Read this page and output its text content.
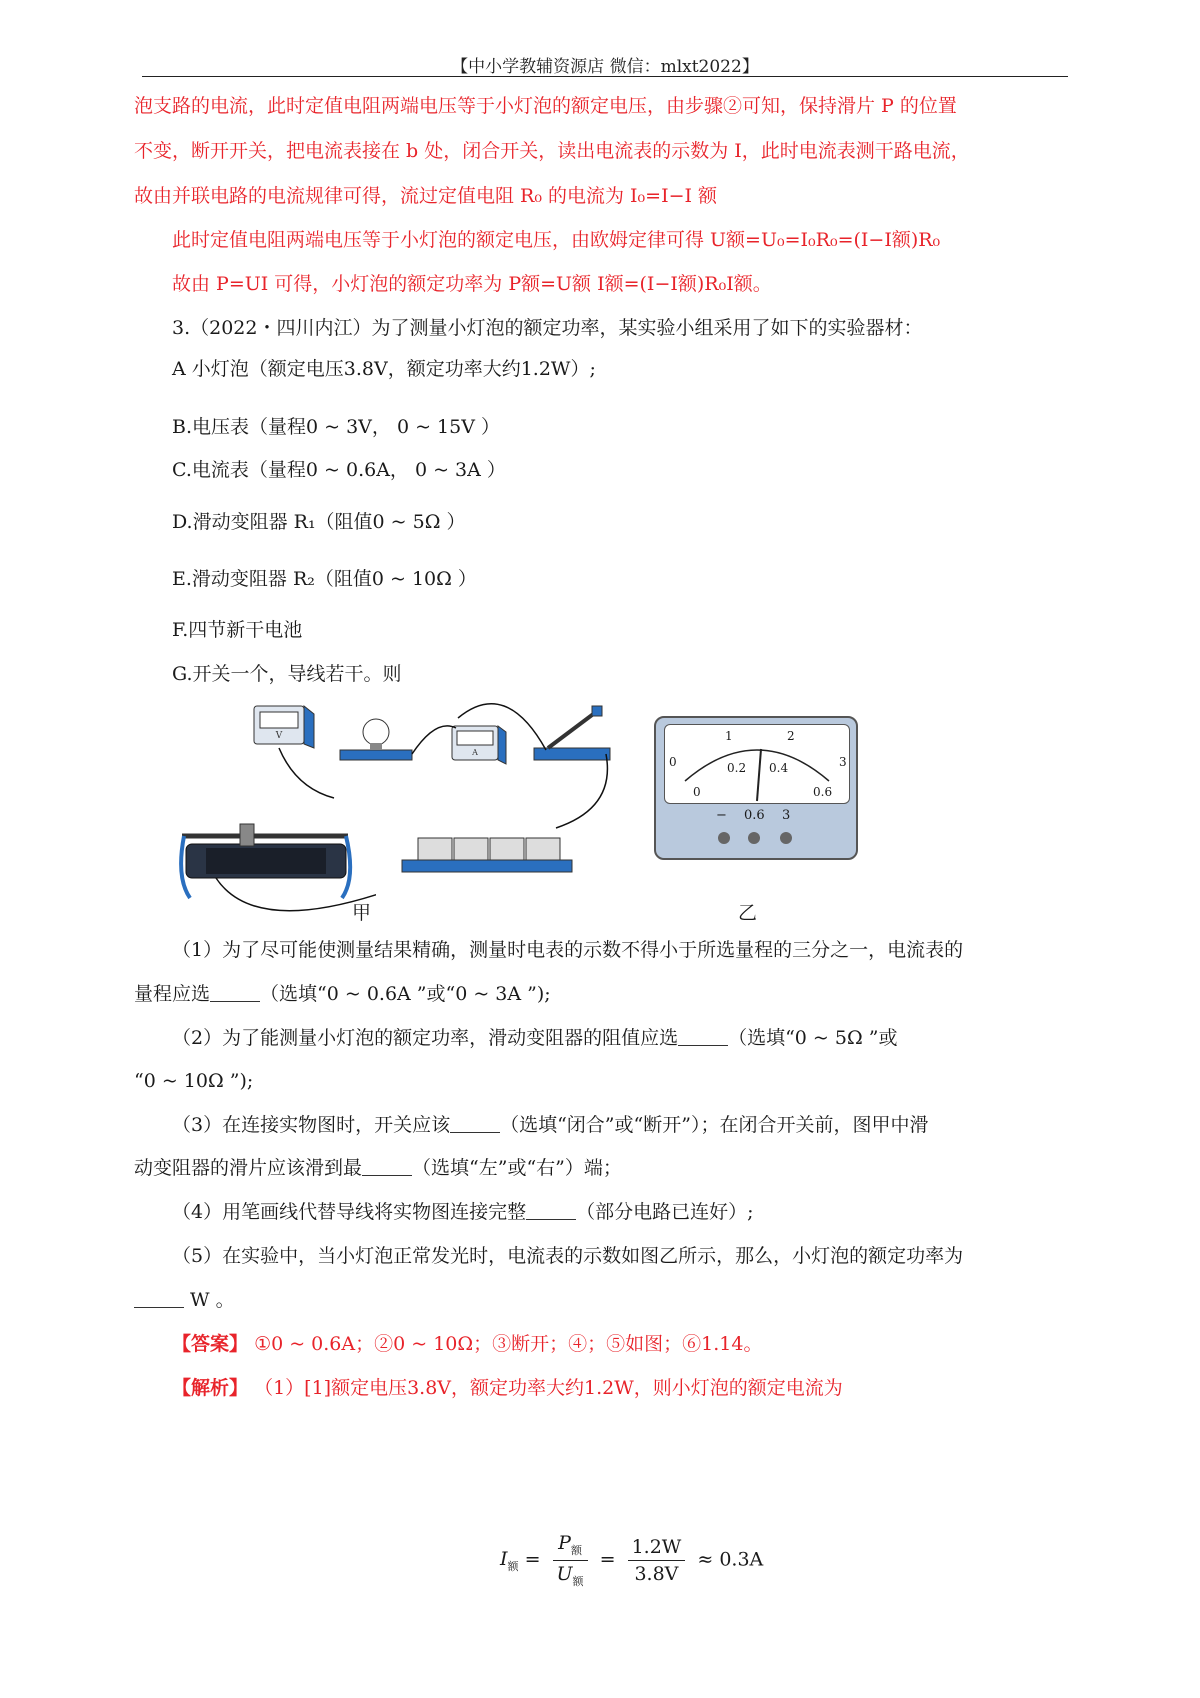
【中小学教辅资源店 微信：mlxt2022】
泡支路的电流，此时定值电阻两端电压等于小灯泡的额定电压，由步骤②可知，保持滑片 P 的位置
不变，断开开关，把电流表接在 b 处，闭合开关，读出电流表的示数为 I，此时电流表测干路电流，
故由并联电路的电流规律可得，流过定值电阻 R₀ 的电流为 I₀=I−I 额
此时定值电阻两端电压等于小灯泡的额定电压，由欧姆定律可得 U额=U₀=I₀R₀=(I−I额)R₀
故由 P=UI 可得，小灯泡的额定功率为 P额=U额 I额=(I−I额)R₀I额。
3.（2022・四川内江）为了测量小灯泡的额定功率，某实验小组采用了如下的实验器材：
A 小灯泡（额定电压3.8V，额定功率大约1.2W）;
B.电压表（量程0 ~ 3V， 0 ~ 15V ）
C.电流表（量程0 ~ 0.6A， 0 ~ 3A ）
D.滑动变阻器 R₁（阻值0 ~ 5Ω ）
E.滑动变阻器 R₂（阻值0 ~ 10Ω ）
F.四节新干电池
G.开关一个，导线若干。则
V
A
0
1	2
3
0
0.2 0.4
0.6
− 0.6 3
甲	乙
（1）为了尽可能使测量结果精确，测量时电表的示数不得小于所选量程的三分之一，电流表的
量程应选	（选填“0 ~ 0.6A ”或“0 ~ 3A ”);
（2）为了能测量小灯泡的额定功率，滑动变阻器的阻值应选	（选填“0 ~ 5Ω ”或
“0 ~ 10Ω ”);
（3）在连接实物图时，开关应该	（选填“闭合”或“断开”）；在闭合开关前，图甲中滑
动变阻器的滑片应该滑到最	（选填“左”或“右”）端；
（4）用笔画线代替导线将实物图连接完整	（部分电路已连好）;
（5）在实验中，当小灯泡正常发光时，电流表的示数如图乙所示，那么，小灯泡的额定功率为
W 。
【答案】 ①0 ~ 0.6A；②0 ~ 10Ω；③断开；④；⑤如图；⑥1.14。
【解析】 （1）[1]额定电压3.8V，额定功率大约1.2W，则小灯泡的额定电流为
$I_额 = \frac{P_额}{U_额} = \frac{1.2W}{3.8V} \approx 0.3A$
